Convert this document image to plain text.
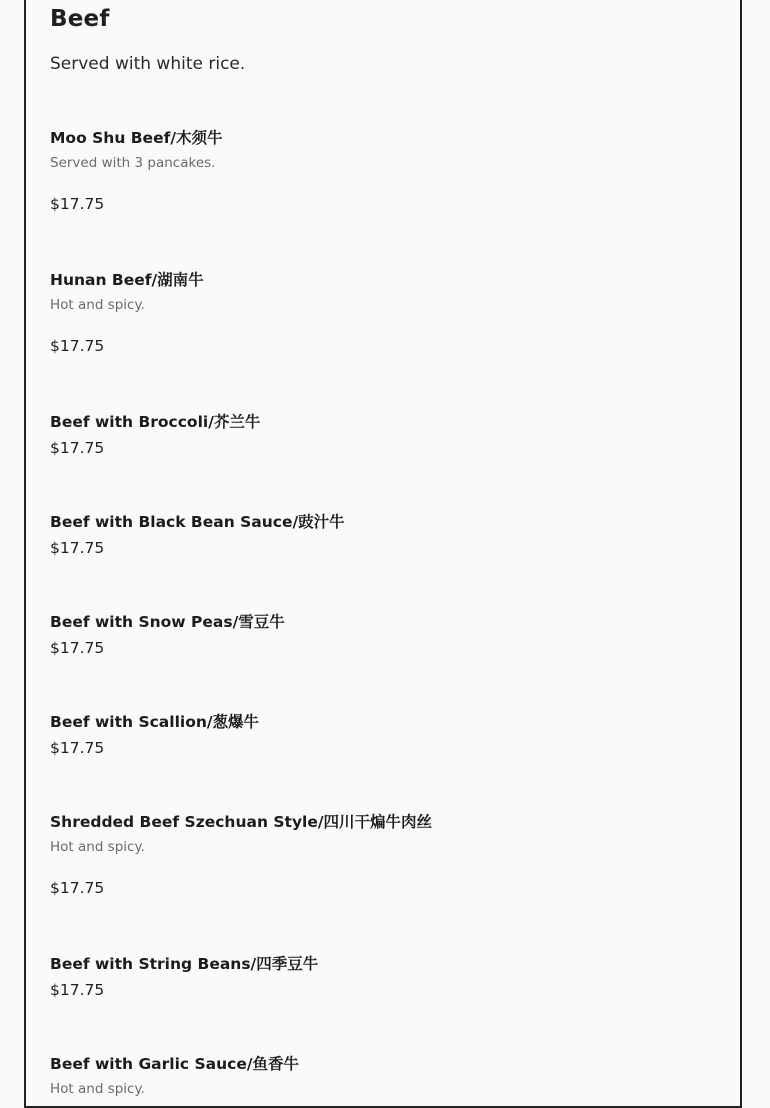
Beef

Served with white rice.

Moo Shu Beef/木须牛
Served with 3 pancakes.
$17.75
Hunan Beef/湖南牛
Hot and spicy.
$17.75
Beef with Broccoli/芥兰牛
$17.75
Beef with Black Bean Sauce/豉汁牛
$17.75
Beef with Snow Peas/雪豆牛
$17.75
Beef with Scallion/葱爆牛
$17.75
Shredded Beef Szechuan Style/四川干煸牛肉丝
Hot and spicy.
$17.75
Beef with String Beans/四季豆牛
$17.75
Beef with Garlic Sauce/鱼香牛
Hot and spicy.
